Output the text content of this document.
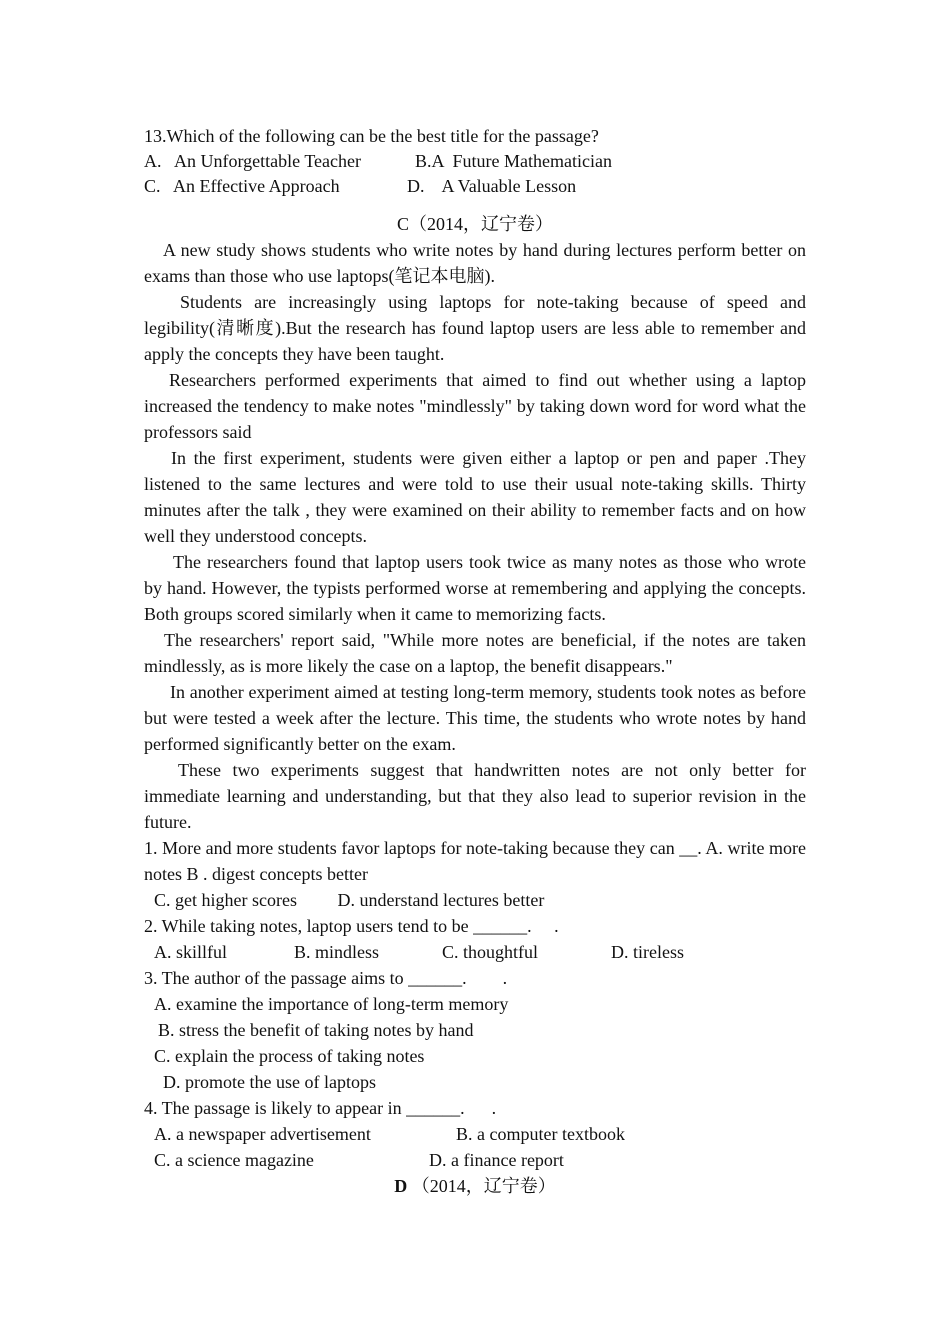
13.Which of the following can be the best title for the passage?
A.   An Unforgettable Teacher	B.A  Future Mathematician
C.   An Effective Approach	D.    A Valuable Lesson
C（2014，辽宁卷）

A new study shows students who write notes by hand during lectures perform better on exams than those who use laptops(笔记本电脑).

Students are increasingly using laptops for note-taking because of speed and legibility(清晰度).But the research has found laptop users are less able to remember and apply the concepts they have been taught.

Researchers performed experiments that aimed to find out whether using a laptop increased the tendency to make notes "mindlessly" by taking down word for word what the professors said

In the first experiment, students were given either a laptop or pen and paper .They listened to the same lectures and were told to use their usual note-taking skills. Thirty minutes after the talk , they were examined on their ability to remember facts and on how well they understood concepts.

The researchers found that laptop users took twice as many notes as those who wrote by hand. However, the typists performed worse at remembering and applying the concepts. Both groups scored similarly when it came to memorizing facts.

The researchers' report said, "While more notes are beneficial, if the notes are taken mindlessly, as is more likely the case on a laptop, the benefit disappears."

In another experiment aimed at testing long-term memory, students took notes as before but were tested a week after the lecture. This time, the students who wrote notes by hand performed significantly better on the exam.

These two experiments suggest that handwritten notes are not only better for immediate learning and understanding, but that they also lead to superior revision in the future.

1. More and more students favor laptops for note-taking because they can __. A. write more notes B . digest concepts better

C. get higher scores         D. understand lectures better
2. While taking notes, laptop users tend to be ______.     .
A. skillful	B. mindless	C. thoughtful	D. tireless
3. The author of the passage aims to ______.        .
A. examine the importance of long-term memory
B. stress the benefit of taking notes by hand
C. explain the process of taking notes
D. promote the use of laptops
4. The passage is likely to appear in ______.      .
A. a newspaper advertisement	B. a computer textbook
C. a science magazine	D. a finance report
D （2014，辽宁卷）
